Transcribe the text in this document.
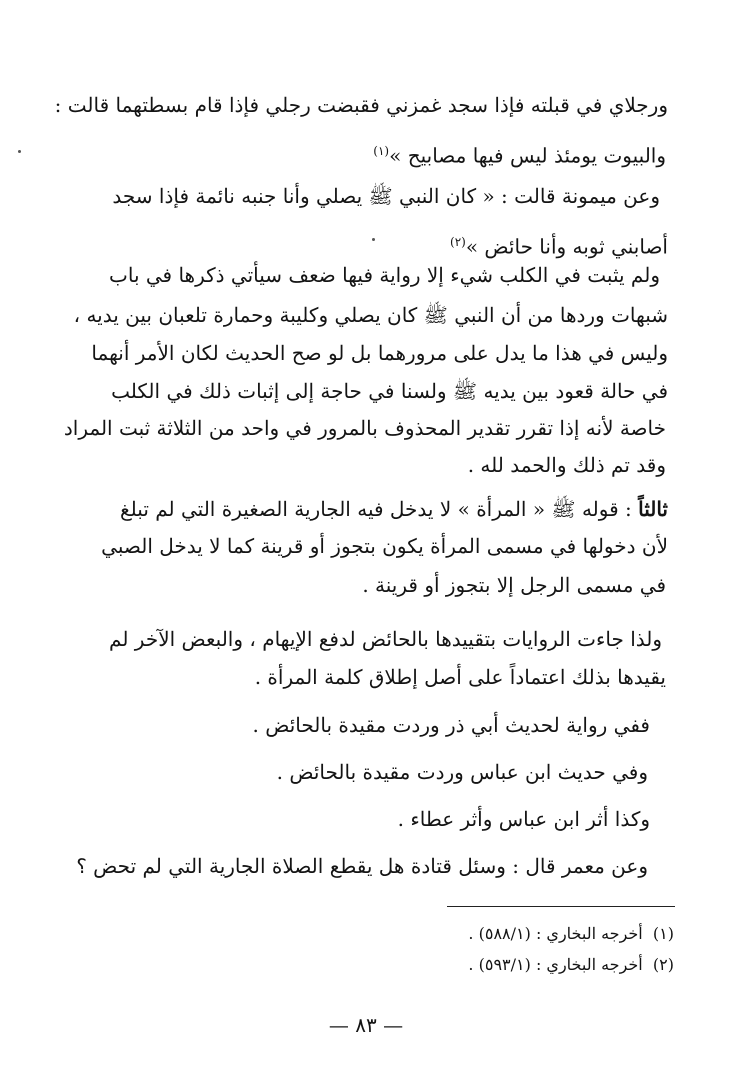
ورجلاي في قبلته فإذا سجد غمزني فقبضت رجلي فإذا قام بسطتهما قالت :
والبيوت يومئذ ليس فيها مصابيح »$^{(١)}$
وعن ميمونة قالت : « كان النبي ﷺ يصلي وأنا جنبه نائمة فإذا سجد
أصابني ثوبه وأنا حائض »$^{(٢)}$
ولم يثبت في الكلب شيء إلا رواية فيها ضعف سيأتي ذكرها في باب
شبهات وردها من أن النبي ﷺ كان يصلي وكليبة وحمارة تلعبان بين يديه ،
وليس في هذا ما يدل على مرورهما بل لو صح الحديث لكان الأمر أنهما
في حالة قعود بين يديه ﷺ ولسنا في حاجة إلى إثبات ذلك في الكلب
خاصة لأنه إذا تقرر تقدير المحذوف بالمرور في واحد من الثلاثة ثبت المراد
وقد تم ذلك والحمد لله .
ثالثاً : قوله ﷺ « المرأة » لا يدخل فيه الجارية الصغيرة التي لم تبلغ
لأن دخولها في مسمى المرأة يكون بتجوز أو قرينة كما لا يدخل الصبي
في مسمى الرجل إلا بتجوز أو قرينة .
ولذا جاءت الروايات بتقييدها بالحائض لدفع الإيهام ، والبعض الآخر لم
يقيدها بذلك اعتماداً على أصل إطلاق كلمة المرأة .
ففي رواية لحديث أبي ذر وردت مقيدة بالحائض .
وفي حديث ابن عباس وردت مقيدة بالحائض .
وكذا أثر ابن عباس وأثر عطاء .
وعن معمر قال : وسئل قتادة هل يقطع الصلاة الجارية التي لم تحض ؟
(١)  أخرجه البخاري : (٥٨٨/١) .
(٢)  أخرجه البخاري : (٥٩٣/١) .
— ٨٣ —
